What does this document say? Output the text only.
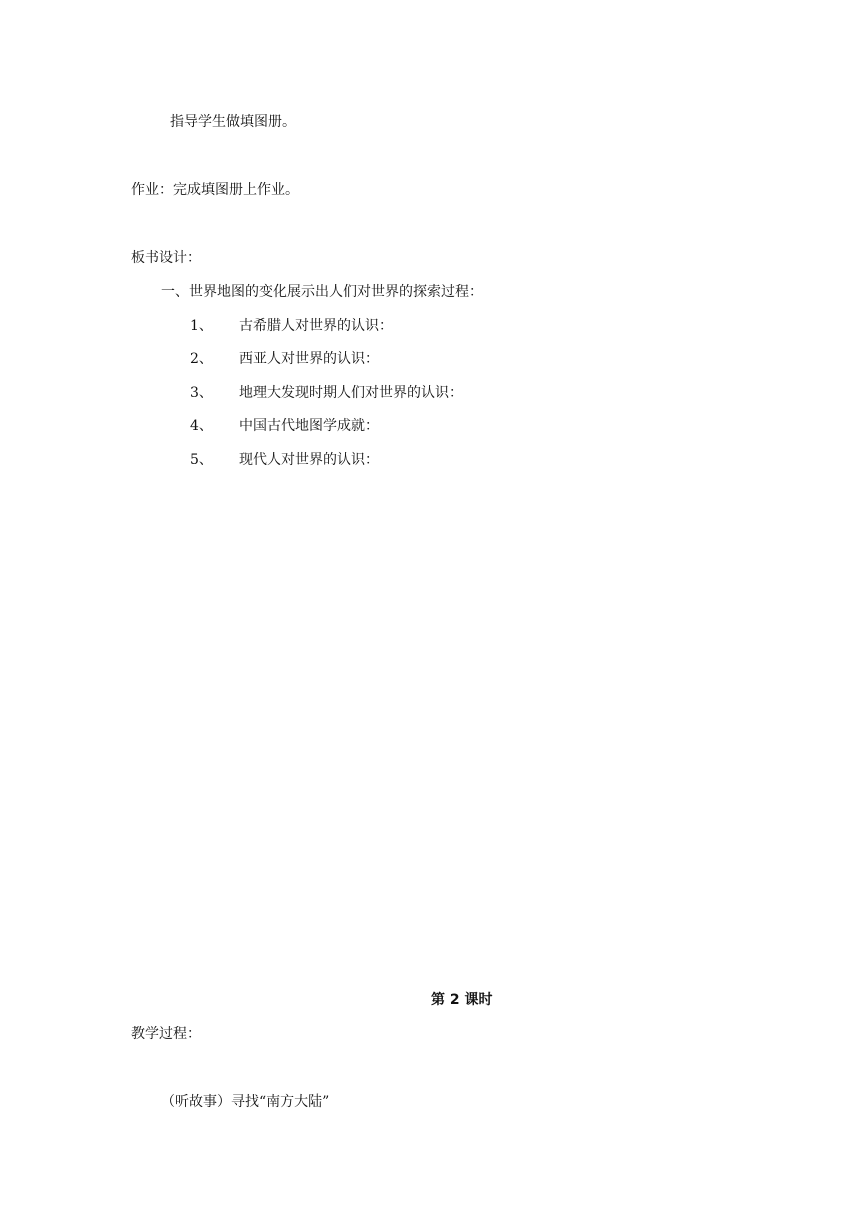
指导学生做填图册。
作业：完成填图册上作业。
板书设计：
一、世界地图的变化展示出人们对世界的探索过程：
1、 古希腊人对世界的认识：
2、 西亚人对世界的认识：
3、 地理大发现时期人们对世界的认识：
4、 中国古代地图学成就：
5、 现代人对世界的认识：
第 2 课时
教学过程：
（听故事）寻找“南方大陆”
